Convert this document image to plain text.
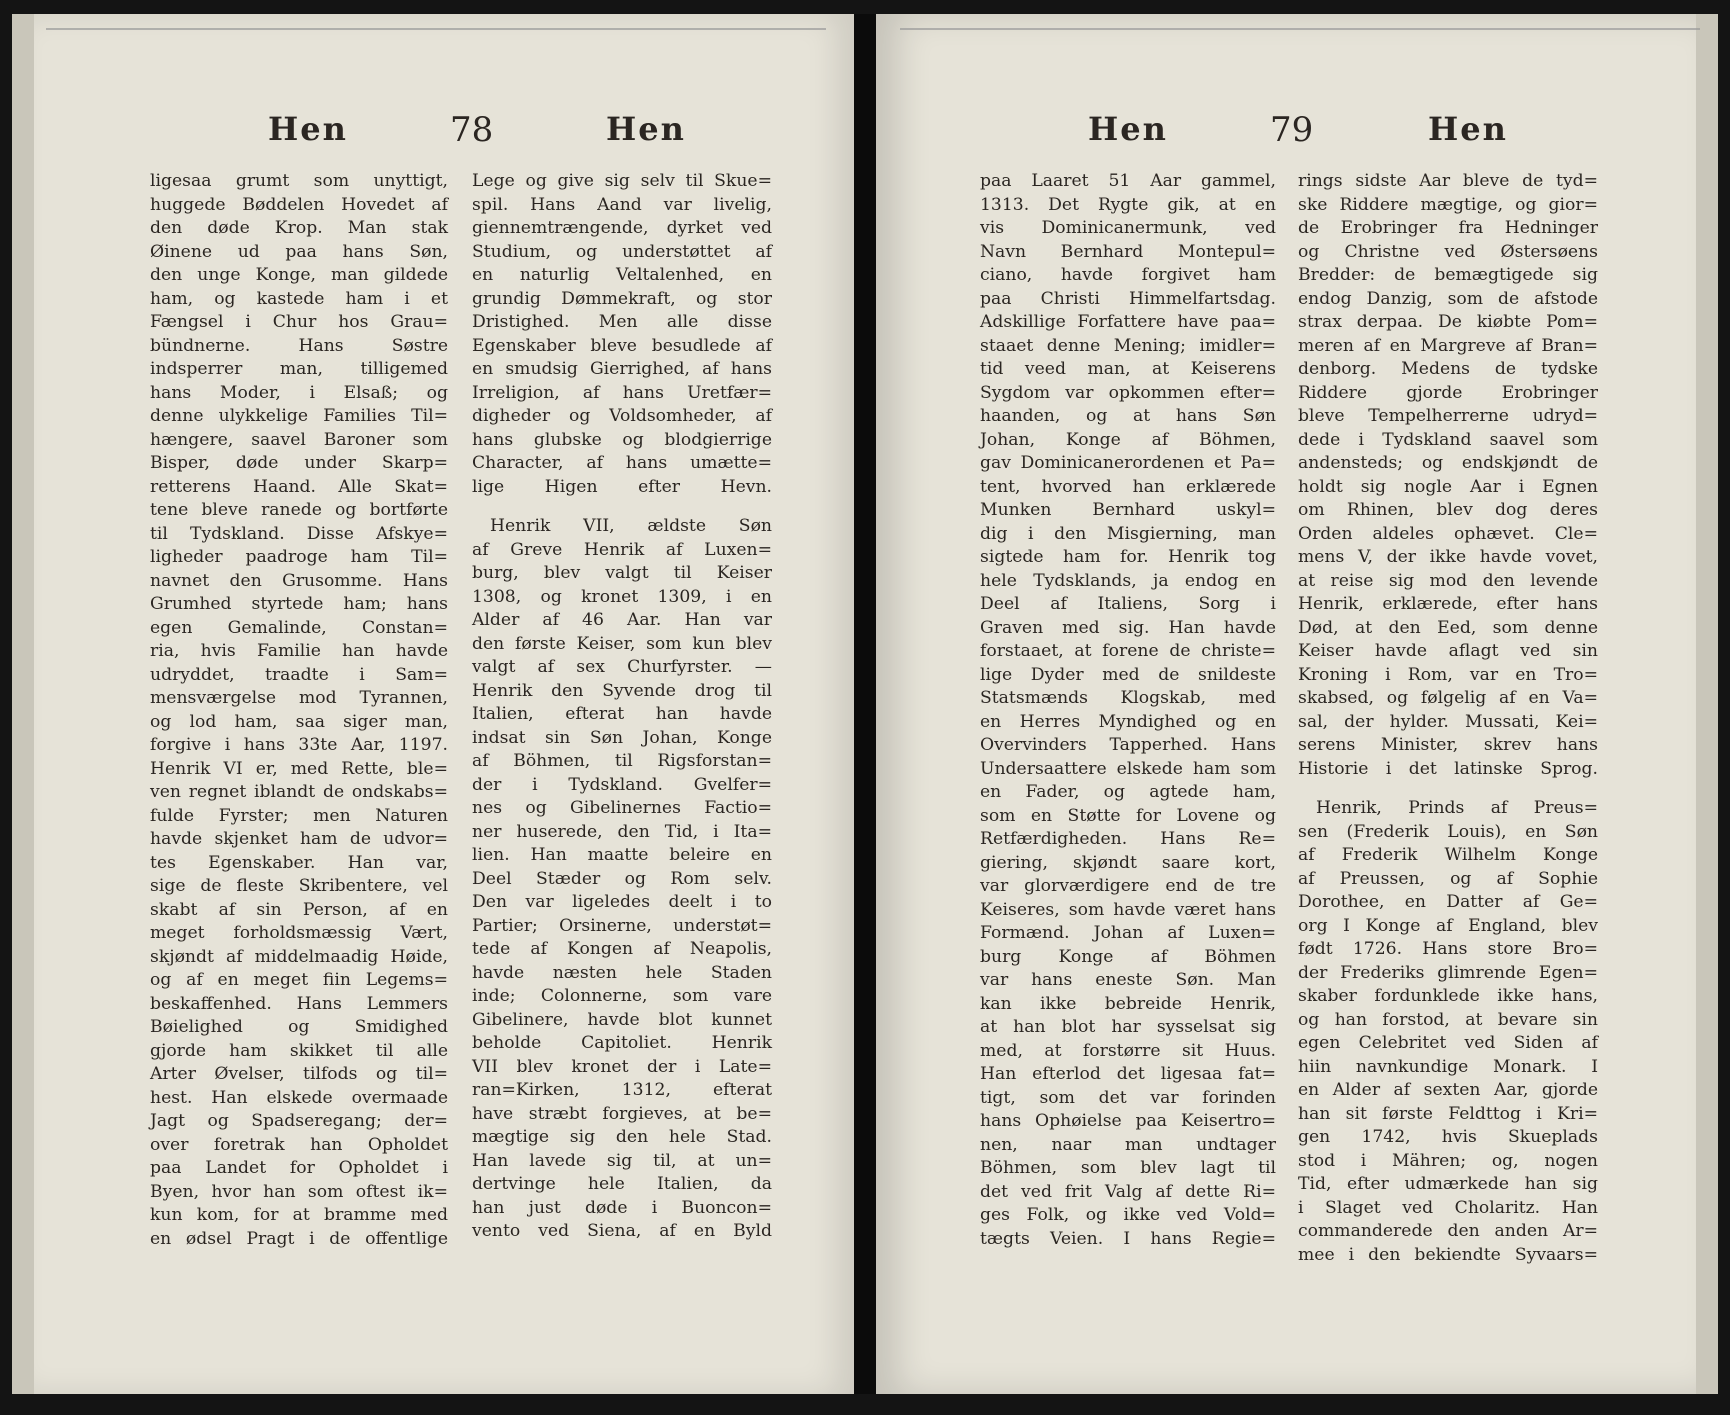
Hen	78	Hen	Hen	79	Hen

ligesaa grumt som unyttigt,

huggede Bøddelen Hovedet af

den døde Krop. Man stak

Øinene ud paa hans Søn,

den unge Konge, man gildede

ham, og kastede ham i et

Fængsel i Chur hos Grau=

bündnerne. Hans Søstre

indsperrer man, tilligemed

hans Moder, i Elsaß; og

denne ulykkelige Families Til=

hængere, saavel Baroner som

Bisper, døde under Skarp=

retterens Haand. Alle Skat=

tene bleve ranede og bortførte

til Tydskland. Disse Afskye=

ligheder paadroge ham Til=

navnet den Grusomme. Hans

Grumhed styrtede ham; hans

egen Gemalinde, Constan=

ria, hvis Familie han havde

udryddet, traadte i Sam=

mensværgelse mod Tyrannen,

og lod ham, saa siger man,

forgive i hans 33te Aar, 1197.

Henrik VI er, med Rette, ble=

ven regnet iblandt de ondskabs=

fulde Fyrster; men Naturen

havde skjenket ham de udvor=

tes Egenskaber. Han var,

sige de fleste Skribentere, vel

skabt af sin Person, af en

meget forholdsmæssig Vært,

skjøndt af middelmaadig Høide,

og af en meget fiin Legems=

beskaffenhed. Hans Lemmers

Bøielighed og Smidighed

gjorde ham skikket til alle

Arter Øvelser, tilfods og til=

hest. Han elskede overmaade

Jagt og Spadseregang; der=

over foretrak han Opholdet

paa Landet for Opholdet i

Byen, hvor han som oftest ik=

kun kom, for at bramme med

en ødsel Pragt i de offentlige

Lege og give sig selv til Skue=

spil. Hans Aand var livelig,

giennemtrængende, dyrket ved

Studium, og understøttet af

en naturlig Veltalenhed, en

grundig Dømmekraft, og stor

Dristighed. Men alle disse

Egenskaber bleve besudlede af

en smudsig Gierrighed, af hans

Irreligion, af hans Uretfær=

digheder og Voldsomheder, af

hans glubske og blodgierrige

Character, af hans umætte=

lige Higen efter Hevn.

Henrik VII, ældste Søn

af Greve Henrik af Luxen=

burg, blev valgt til Keiser

1308, og kronet 1309, i en

Alder af 46 Aar. Han var

den første Keiser, som kun blev

valgt af sex Churfyrster. —

Henrik den Syvende drog til

Italien, efterat han havde

indsat sin Søn Johan, Konge

af Böhmen, til Rigsforstan=

der i Tydskland. Gvelfer=

nes og Gibelinernes Factio=

ner huserede, den Tid, i Ita=

lien. Han maatte beleire en

Deel Stæder og Rom selv.

Den var ligeledes deelt i to

Partier; Orsinerne, understøt=

tede af Kongen af Neapolis,

havde næsten hele Staden

inde; Colonnerne, som vare

Gibelinere, havde blot kunnet

beholde Capitoliet. Henrik

VII blev kronet der i Late=

ran=Kirken, 1312, efterat

have stræbt forgieves, at be=

mægtige sig den hele Stad.

Han lavede sig til, at un=

dertvinge hele Italien, da

han just døde i Buoncon=

vento ved Siena, af en Byld

paa Laaret 51 Aar gammel,

1313. Det Rygte gik, at en

vis Dominicanermunk, ved

Navn Bernhard Montepul=

ciano, havde forgivet ham

paa Christi Himmelfartsdag.

Adskillige Forfattere have paa=

staaet denne Mening; imidler=

tid veed man, at Keiserens

Sygdom var opkommen efter=

haanden, og at hans Søn

Johan, Konge af Böhmen,

gav Dominicanerordenen et Pa=

tent, hvorved han erklærede

Munken Bernhard uskyl=

dig i den Misgierning, man

sigtede ham for. Henrik tog

hele Tydsklands, ja endog en

Deel af Italiens, Sorg i

Graven med sig. Han havde

forstaaet, at forene de christe=

lige Dyder med de snildeste

Statsmænds Klogskab, med

en Herres Myndighed og en

Overvinders Tapperhed. Hans

Undersaattere elskede ham som

en Fader, og agtede ham,

som en Støtte for Lovene og

Retfærdigheden. Hans Re=

giering, skjøndt saare kort,

var glorværdigere end de tre

Keiseres, som havde været hans

Formænd. Johan af Luxen=

burg Konge af Böhmen

var hans eneste Søn. Man

kan ikke bebreide Henrik,

at han blot har sysselsat sig

med, at forstørre sit Huus.

Han efterlod det ligesaa fat=

tigt, som det var forinden

hans Ophøielse paa Keisertro=

nen, naar man undtager

Böhmen, som blev lagt til

det ved frit Valg af dette Ri=

ges Folk, og ikke ved Vold=

tægts Veien. I hans Regie=

rings sidste Aar bleve de tyd=

ske Riddere mægtige, og gior=

de Erobringer fra Hedninger

og Christne ved Østersøens

Bredder: de bemægtigede sig

endog Danzig, som de afstode

strax derpaa. De kiøbte Pom=

meren af en Margreve af Bran=

denborg. Medens de tydske

Riddere gjorde Erobringer

bleve Tempelherrerne udryd=

dede i Tydskland saavel som

andensteds; og endskjøndt de

holdt sig nogle Aar i Egnen

om Rhinen, blev dog deres

Orden aldeles ophævet. Cle=

mens V, der ikke havde vovet,

at reise sig mod den levende

Henrik, erklærede, efter hans

Død, at den Eed, som denne

Keiser havde aflagt ved sin

Kroning i Rom, var en Tro=

skabsed, og følgelig af en Va=

sal, der hylder. Mussati, Kei=

serens Minister, skrev hans

Historie i det latinske Sprog.

Henrik, Prinds af Preus=

sen (Frederik Louis), en Søn

af Frederik Wilhelm Konge

af Preussen, og af Sophie

Dorothee, en Datter af Ge=

org I Konge af England, blev

født 1726. Hans store Bro=

der Frederiks glimrende Egen=

skaber fordunklede ikke hans,

og han forstod, at bevare sin

egen Celebritet ved Siden af

hiin navnkundige Monark. I

en Alder af sexten Aar, gjorde

han sit første Feldttog i Kri=

gen 1742, hvis Skueplads

stod i Mähren; og, nogen

Tid, efter udmærkede han sig

i Slaget ved Cholaritz. Han

commanderede den anden Ar=

mee i den bekiendte Syvaars=
